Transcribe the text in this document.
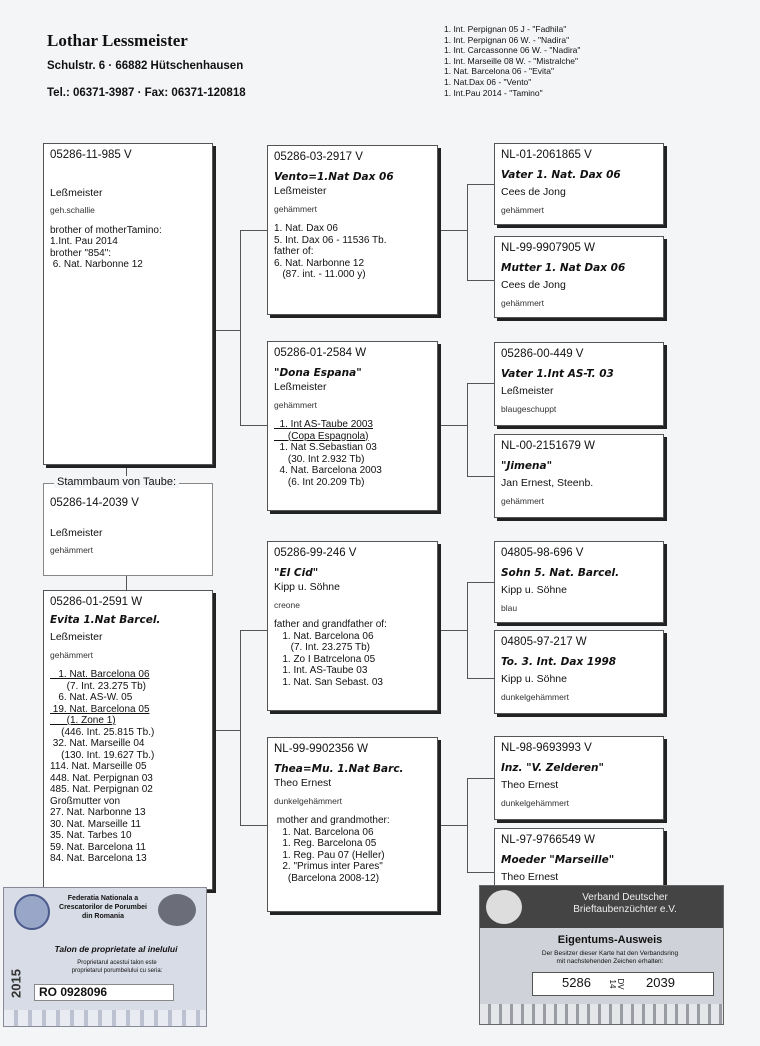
Lothar Lessmeister
Schulstr. 6 · 66882 Hütschenhausen
Tel.: 06371-3987 · Fax: 06371-120818
1. Int. Perpignan 05 J - "Fadhila"
1. Int. Perpignan 06 W. - "Nadira"
1. Int. Carcassonne 06 W. - "Nadira"
1. Int. Marseille 08 W. - "Mistralche"
1. Nat. Barcelona 06 - "Evita"
1. Nat.Dax 06 - "Vento"
1. Int.Pau 2014 - "Tamino"
05286-11-985 V
Leßmeister
geh.schallie
brother of motherTamino:
1.Int. Pau 2014
brother "854":
6. Nat. Narbonne 12
05286-14-2039 V
Leßmeister
gehämmert
Stammbaum von Taube:
05286-01-2591 W
Evita 1.Nat Barcel.
Leßmeister
gehämmert
1. Nat. Barcelona 06
(7. Int. 23.275 Tb)
6. Nat. AS-W. 05
19. Nat. Barcelona 05
(1. Zone 1)
(446. Int. 25.815 Tb.)
32. Nat. Marseille 04
(130. Int. 19.627 Tb.)
114. Nat. Marseille 05
448. Nat. Perpignan 03
485. Nat. Perpignan 02
Großmutter von
27. Nat. Narbonne 13
30. Nat. Marseille 11
35. Nat. Tarbes 10
59. Nat. Barcelona 11
84. Nat. Barcelona 13
05286-03-2917 V
Vento=1.Nat Dax 06
Leßmeister
gehämmert
1. Nat. Dax 06
5. Int. Dax 06 - 11536 Tb.
father of:
6. Nat. Narbonne 12
(87. int. - 11.000 y)
05286-01-2584 W
"Dona Espana"
Leßmeister
gehämmert
1. Int AS-Taube 2003
(Copa Espagnola)
1. Nat S.Sebastian 03
(30. Int 2.932 Tb)
4. Nat. Barcelona 2003
(6. Int 20.209 Tb)
05286-99-246 V
"El Cid"
Kipp u. Söhne
creone
father and grandfather of:
1. Nat. Barcelona 06
(7. Int. 23.275 Tb)
1. Zo I Batrcelona 05
1. Int. AS-Taube 03
1. Nat. San Sebast. 03
NL-99-9902356 W
Thea=Mu. 1.Nat Barc.
Theo Ernest
dunkelgehämmert
mother and grandmother:
1. Nat. Barcelona 06
1. Reg. Barcelona 05
1. Reg. Pau 07 (Heller)
2. "Primus inter Pares"
(Barcelona 2008-12)
NL-01-2061865 V
Vater 1. Nat. Dax 06
Cees de Jong
gehämmert
NL-99-9907905 W
Mutter 1. Nat Dax 06
Cees de Jong
gehämmert
05286-00-449 V
Vater 1.Int AS-T. 03
Leßmeister
blaugeschuppt
NL-00-2151679 W
"Jimena"
Jan Ernest, Steenb.
gehämmert
04805-98-696 V
Sohn 5. Nat. Barcel.
Kipp u. Söhne
blau
04805-97-217 W
To. 3. Int. Dax 1998
Kipp u. Söhne
dunkelgehämmert
NL-98-9693993 V
Inz. "V. Zelderen"
Theo Ernest
dunkelgehämmert
NL-97-9766549 W
Moeder "Marseille"
Theo Ernest
Federatia Nationala a
Crescatorilor de Porumbei
din Romania
Talon de proprietate al inelului
Proprietarul acestui talon este
proprietarul porumbelului cu seria:
2015	RO 0928096
Verband Deutscher
Brieftaubenzüchter e.V.
Eigentums-Ausweis
Der Besitzer dieser Karte hat den Verbandsring
mit nachstehenden Zeichen erhalten:
5286	DV 14	2039
